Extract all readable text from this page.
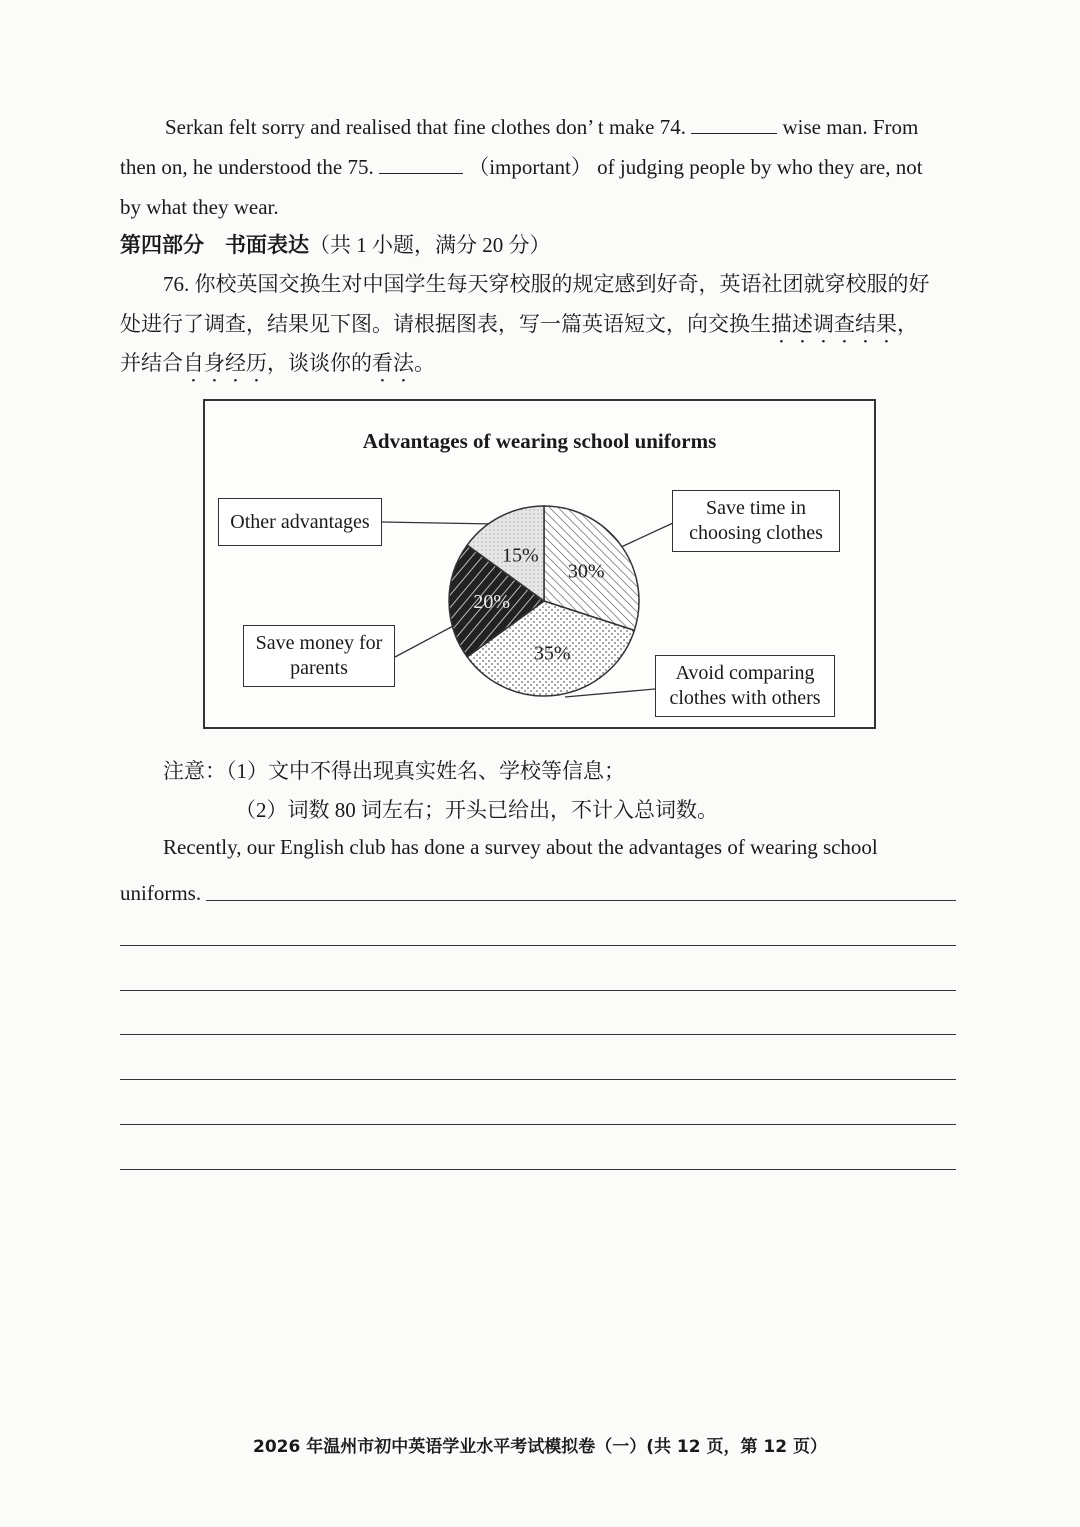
Serkan felt sorry and realised that fine clothes don’ t make 74.	wise man. From
then on, he understood the 75.	（important） of judging people by who they are, not
by what they wear.
第四部分　书面表达（共 1 小题，满分 20 分）
76. 你校英国交换生对中国学生每天穿校服的规定感到好奇，英语社团就穿校服的好
处进行了调查，结果见下图。请根据图表，写一篇英语短文，向交换生描述调查结果，
并结合自身经历，谈谈你的看法。
Advantages of wearing school uniforms
30%
35%
20%
15%
Other advantages
Save time in
choosing clothes
Save money for
parents	Avoid comparing
clothes with others
注意：（1）文中不得出现真实姓名、学校等信息；
（2）词数 80 词左右；开头已给出，不计入总词数。
Recently, our English club has done a survey about the advantages of wearing school
uniforms.
2026 年温州市初中英语学业水平考试模拟卷（一）(共 12 页，第 12 页）
